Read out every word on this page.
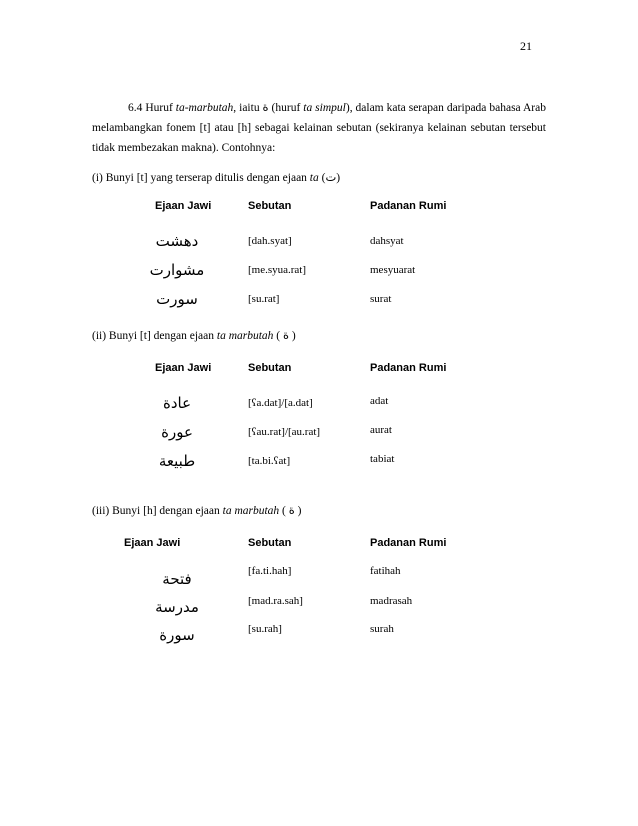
21
6.4 Huruf ta-marbutah, iaitu ة (huruf ta simpul), dalam kata serapan daripada bahasa Arab melambangkan fonem [t] atau [h] sebagai kelainan sebutan (sekiranya kelainan sebutan tersebut tidak membezakan makna). Contohnya:
(i) Bunyi [t] yang terserap ditulis dengan ejaan ta (ت)
Ejaan Jawi	Sebutan	Padanan Rumi
دهشت	[dah.syat]	dahsyat
مشوارت	[me.syua.rat]	mesyuarat
سورت	[su.rat]	surat
(ii) Bunyi [t] dengan ejaan ta marbutah ( ة )
Ejaan Jawi	Sebutan	Padanan Rumi
عادة	[ʕa.dat]/[a.dat]	adat
عورة	[ʕau.rat]/[au.rat]	aurat
طبيعة	[ta.bi.ʕat]	tabiat
(iii) Bunyi [h] dengan ejaan ta marbutah ( ة )
Ejaan Jawi	Sebutan	Padanan Rumi
فتحة	[fa.ti.hah]	fatihah
مدرسة	[mad.ra.sah]	madrasah
سورة	[su.rah]	surah
